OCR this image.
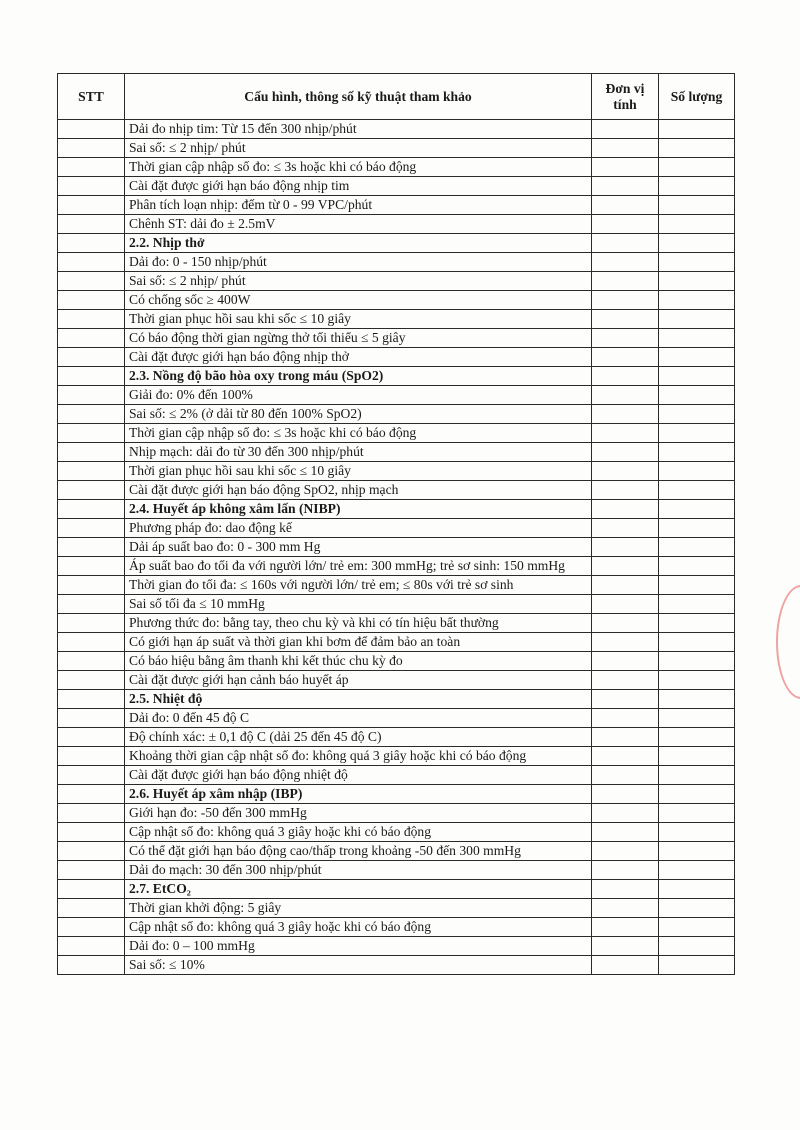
STT	Cấu hình, thông số kỹ thuật tham khảo	Đơn vị tính	Số lượng
	Dải đo nhịp tim: Từ 15 đến 300 nhịp/phút		
	Sai số: ≤ 2 nhịp/ phút		
	Thời gian cập nhập số đo: ≤ 3s hoặc khi có báo động		
	Cài đặt được giới hạn báo động nhịp tim		
	Phân tích loạn nhịp: đếm từ 0 - 99 VPC/phút		
	Chênh ST: dải đo ± 2.5mV		
	2.2. Nhịp thở		
	Dải đo: 0 - 150 nhịp/phút		
	Sai số: ≤ 2 nhịp/ phút		
	Có chống sốc ≥ 400W		
	Thời gian phục hồi sau khi sốc ≤ 10 giây		
	Có báo động thời gian ngừng thở tối thiểu ≤ 5 giây		
	Cài đặt được giới hạn báo động nhịp thở		
	2.3. Nồng độ bão hòa oxy trong máu (SpO2)		
	Giải đo: 0% đến 100%		
	Sai số: ≤ 2% (ở dải từ 80 đến 100% SpO2)		
	Thời gian cập nhập số đo: ≤ 3s hoặc khi có báo động		
	Nhịp mạch: dải đo từ 30 đến 300 nhịp/phút		
	Thời gian phục hồi sau khi sốc ≤ 10 giây		
	Cài đặt được giới hạn báo động SpO2, nhịp mạch		
	2.4. Huyết áp không xâm lấn (NIBP)		
	Phương pháp đo: dao động kế		
	Dải áp suất bao đo: 0 - 300 mm Hg		
	Áp suất bao đo tối đa với người lớn/ trẻ em: 300 mmHg; trẻ sơ sinh: 150 mmHg		
	Thời gian đo tối đa: ≤ 160s với người lớn/ trẻ em; ≤ 80s với trẻ sơ sinh		
	Sai số tối đa ≤ 10 mmHg		
	Phương thức đo: bằng tay, theo chu kỳ và khi có tín hiệu bất thường		
	Có giới hạn áp suất và thời gian khi bơm để đảm bảo an toàn		
	Có báo hiệu bằng âm thanh khi kết thúc chu kỳ đo		
	Cài đặt được giới hạn cảnh báo huyết áp		
	2.5. Nhiệt độ		
	Dải đo: 0 đến 45 độ C		
	Độ chính xác: ± 0,1 độ C (dải 25 đến 45 độ C)		
	Khoảng thời gian cập nhật số đo: không quá 3 giây hoặc khi có báo động		
	Cài đặt được giới hạn báo động nhiệt độ		
	2.6. Huyết áp xâm nhập (IBP)		
	Giới hạn đo: -50 đến 300 mmHg		
	Cập nhật số đo: không quá 3 giây hoặc khi có báo động		
	Có thể đặt giới hạn báo động cao/thấp trong khoảng -50 đến 300 mmHg		
	Dải đo mạch: 30 đến 300 nhịp/phút		
	2.7. EtCO₂		
	Thời gian khởi động: 5 giây		
	Cập nhật số đo: không quá 3 giây hoặc khi có báo động		
	Dải đo: 0 – 100 mmHg		
	Sai số: ≤ 10%		
